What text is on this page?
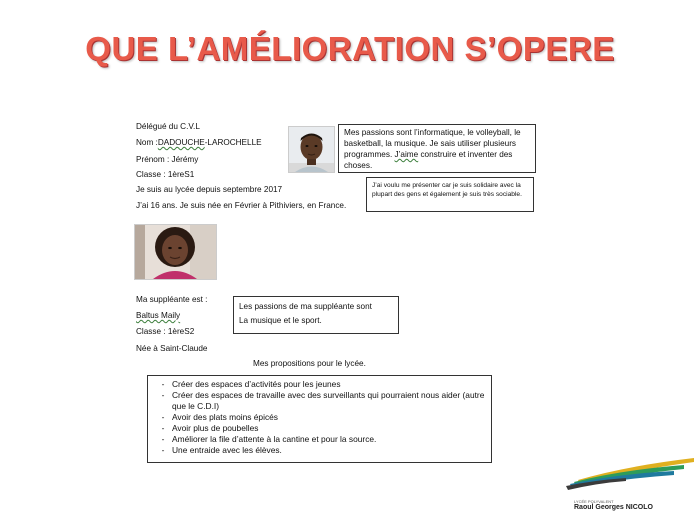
QUE L’AMÉLIORATION S’OPERE
Délégué du C.V.L
Nom :DADOUCHE-LAROCHELLE
Prénom : Jérémy
Classe : 1èreS1
Je suis au lycée depuis septembre 2017
J’ai 16 ans. Je suis née en Février à Pithiviers, en France.
Mes passions sont l’informatique, le volleyball, le basketball, la musique. Je sais utiliser plusieurs programmes. J’aime construire et inventer des choses.
J’ai voulu me présenter car je suis solidaire avec la plupart des gens et également je suis très sociable.
Ma suppléante est :
Baltus Maily
Classe : 1èreS2
Née à Saint-Claude
Les passions de ma suppléante sont
La musique et le sport.
Mes propositions pour le lycée.
- Créer des espaces d’activités pour les jeunes
- Créer des espaces de travaille avec des surveillants qui pourraient nous aider (autre que le C.D.I)
- Avoir des plats moins épicés
- Avoir plus de poubelles
- Améliorer la file d’attente à la cantine et pour la source.
- Une entraide avec les élèves.
LYCÉE POLYVALENT
Raoul Georges NICOLO
